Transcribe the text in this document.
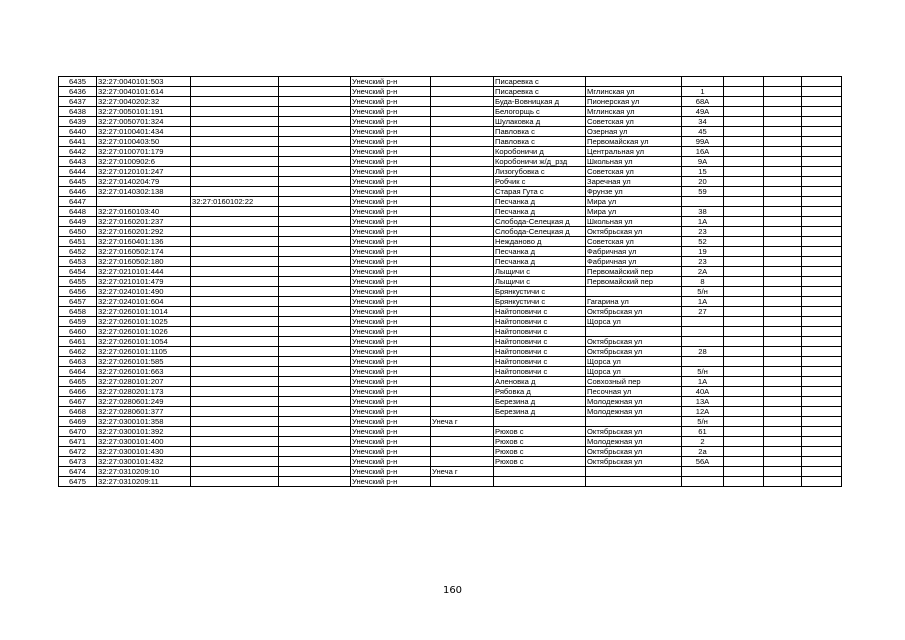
6435	32:27:0040101:503			Унечский р-н		Писаревка с					
6436	32:27:0040101:614			Унечский р-н		Писаревка с	Мглинская ул	1			
6437	32:27:0040202:32			Унечский р-н		Буда-Вовницкая д	Пионерская ул	68А			
6438	32:27:0050101:191			Унечский р-н		Белогорщь с	Мглинская ул	49А			
6439	32:27:0050701:324			Унечский р-н		Шулаковка д	Советская ул	34			
6440	32:27:0100401:434			Унечский р-н		Павловка с	Озерная ул	45			
6441	32:27:0100403:50			Унечский р-н		Павловка с	Первомайская ул	99А			
6442	32:27:0100701:179			Унечский р-н		Коробоничи д	Центральная ул	16А			
6443	32:27:0100902:6			Унечский р-н		Коробоничи ж/д_рзд	Школьная ул	9А			
6444	32:27:0120101:247			Унечский р-н		Лизогубовка с	Советская ул	15			
6445	32:27:0140204:79			Унечский р-н		Робчик с	Заречная ул	20			
6446	32:27:0140302:138			Унечский р-н		Старая Гута с	Фрунзе ул	59			
6447		32:27:0160102:22		Унечский р-н		Песчанка д	Мира ул				
6448	32:27:0160103:40			Унечский р-н		Песчанка д	Мира ул	38			
6449	32:27:0160201:237			Унечский р-н		Слобода-Селецкая д	Школьная ул	1А			
6450	32:27:0160201:292			Унечский р-н		Слобода-Селецкая д	Октябрьская ул	23			
6451	32:27:0160401:136			Унечский р-н		Нежданово д	Советская ул	52			
6452	32:27:0160502:174			Унечский р-н		Песчанка д	Фабричная ул	19			
6453	32:27:0160502:180			Унечский р-н		Песчанка д	Фабричная ул	23			
6454	32:27:0210101:444			Унечский р-н		Лыщичи с	Первомайский пер	2А			
6455	32:27:0210101:479			Унечский р-н		Лыщичи с	Первомайский пер	8			
6456	32:27:0240101:490			Унечский р-н		Брянкустичи с		5/н			
6457	32:27:0240101:604			Унечский р-н		Брянкустичи с	Гагарина ул	1А			
6458	32:27:0260101:1014			Унечский р-н		Найтоповичи с	Октябрьская ул	27			
6459	32:27:0260101:1025			Унечский р-н		Найтоповичи с	Щорса ул				
6460	32:27:0260101:1026			Унечский р-н		Найтоповичи с					
6461	32:27:0260101:1054			Унечский р-н		Найтоповичи с	Октябрьская ул				
6462	32:27:0260101:1105			Унечский р-н		Найтоповичи с	Октябрьская ул	28			
6463	32:27:0260101:585			Унечский р-н		Найтоповичи с	Щорса ул				
6464	32:27:0260101:663			Унечский р-н		Найтоповичи с	Щорса ул	5/н			
6465	32:27:0280101:207			Унечский р-н		Аленовка д	Совхозный пер	1А			
6466	32:27:0280201:173			Унечский р-н		Рябовка д	Песочная ул	40А			
6467	32:27:0280601:249			Унечский р-н		Березина д	Молодежная ул	13А			
6468	32:27:0280601:377			Унечский р-н		Березина д	Молодежная ул	12А			
6469	32:27:0300101:358			Унечский р-н	Унеча г			5/н			
6470	32:27:0300101:392			Унечский р-н		Рюхов с	Октябрьская ул	61			
6471	32:27:0300101:400			Унечский р-н		Рюхов с	Молодежная ул	2			
6472	32:27:0300101:430			Унечский р-н		Рюхов с	Октябрьская ул	2а			
6473	32:27:0300101:432			Унечский р-н		Рюхов с	Октябрьская ул	56А			
6474	32:27:0310209:10			Унечский р-н	Унеча г						
6475	32:27:0310209:11			Унечский р-н							
160
